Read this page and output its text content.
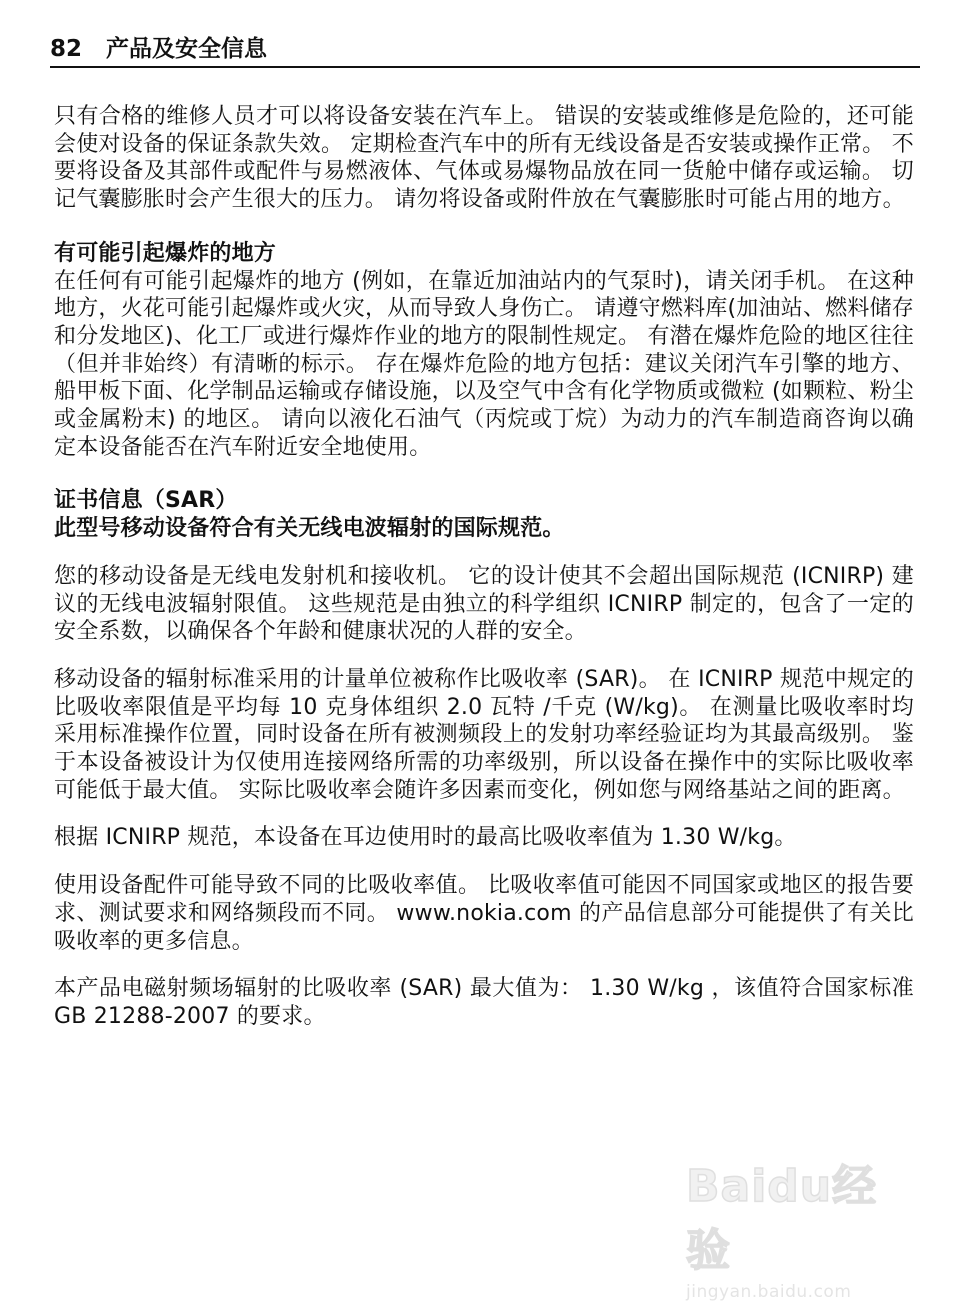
82 产品及安全信息

只有合格的维修人员才可以将设备安装在汽车上。 错误的安装或维修是危险的，还可能会使对设备的保证条款失效。 定期检查汽车中的所有无线设备是否安装或操作正常。 不要将设备及其部件或配件与易燃液体、气体或易爆物品放在同一货舱中储存或运输。 切记气囊膨胀时会产生很大的压力。 请勿将设备或附件放在气囊膨胀时可能占用的地方。

有可能引起爆炸的地方

在任何有可能引起爆炸的地方 (例如，在靠近加油站内的气泵时)，请关闭手机。 在这种地方，火花可能引起爆炸或火灾，从而导致人身伤亡。 请遵守燃料库(加油站、燃料储存和分发地区)、化工厂或进行爆炸作业的地方的限制性规定。 有潜在爆炸危险的地区往往（但并非始终）有清晰的标示。 存在爆炸危险的地方包括：建议关闭汽车引擎的地方、船甲板下面、化学制品运输或存储设施，以及空气中含有化学物质或微粒 (如颗粒、粉尘或金属粉末) 的地区。 请向以液化石油气（丙烷或丁烷）为动力的汽车制造商咨询以确定本设备能否在汽车附近安全地使用。

证书信息（SAR）

此型号移动设备符合有关无线电波辐射的国际规范。

您的移动设备是无线电发射机和接收机。 它的设计使其不会超出国际规范 (ICNIRP) 建议的无线电波辐射限值。 这些规范是由独立的科学组织 ICNIRP 制定的，包含了一定的安全系数，以确保各个年龄和健康状况的人群的安全。

移动设备的辐射标准采用的计量单位被称作比吸收率 (SAR)。 在 ICNIRP 规范中规定的比吸收率限值是平均每 10 克身体组织 2.0 瓦特 /千克 (W/kg)。 在测量比吸收率时均采用标准操作位置，同时设备在所有被测频段上的发射功率经验证均为其最高级别。 鉴于本设备被设计为仅使用连接网络所需的功率级别，所以设备在操作中的实际比吸收率可能低于最大值。 实际比吸收率会随许多因素而变化，例如您与网络基站之间的距离。

根据 ICNIRP 规范，本设备在耳边使用时的最高比吸收率值为 1.30 W/kg。

使用设备配件可能导致不同的比吸收率值。 比吸收率值可能因不同国家或地区的报告要求、测试要求和网络频段而不同。 www.nokia.com 的产品信息部分可能提供了有关比吸收率的更多信息。

本产品电磁射频场辐射的比吸收率 (SAR) 最大值为： 1.30 W/kg ，该值符合国家标准 GB 21288-2007 的要求。

Baidu经验
jingyan.baidu.com
